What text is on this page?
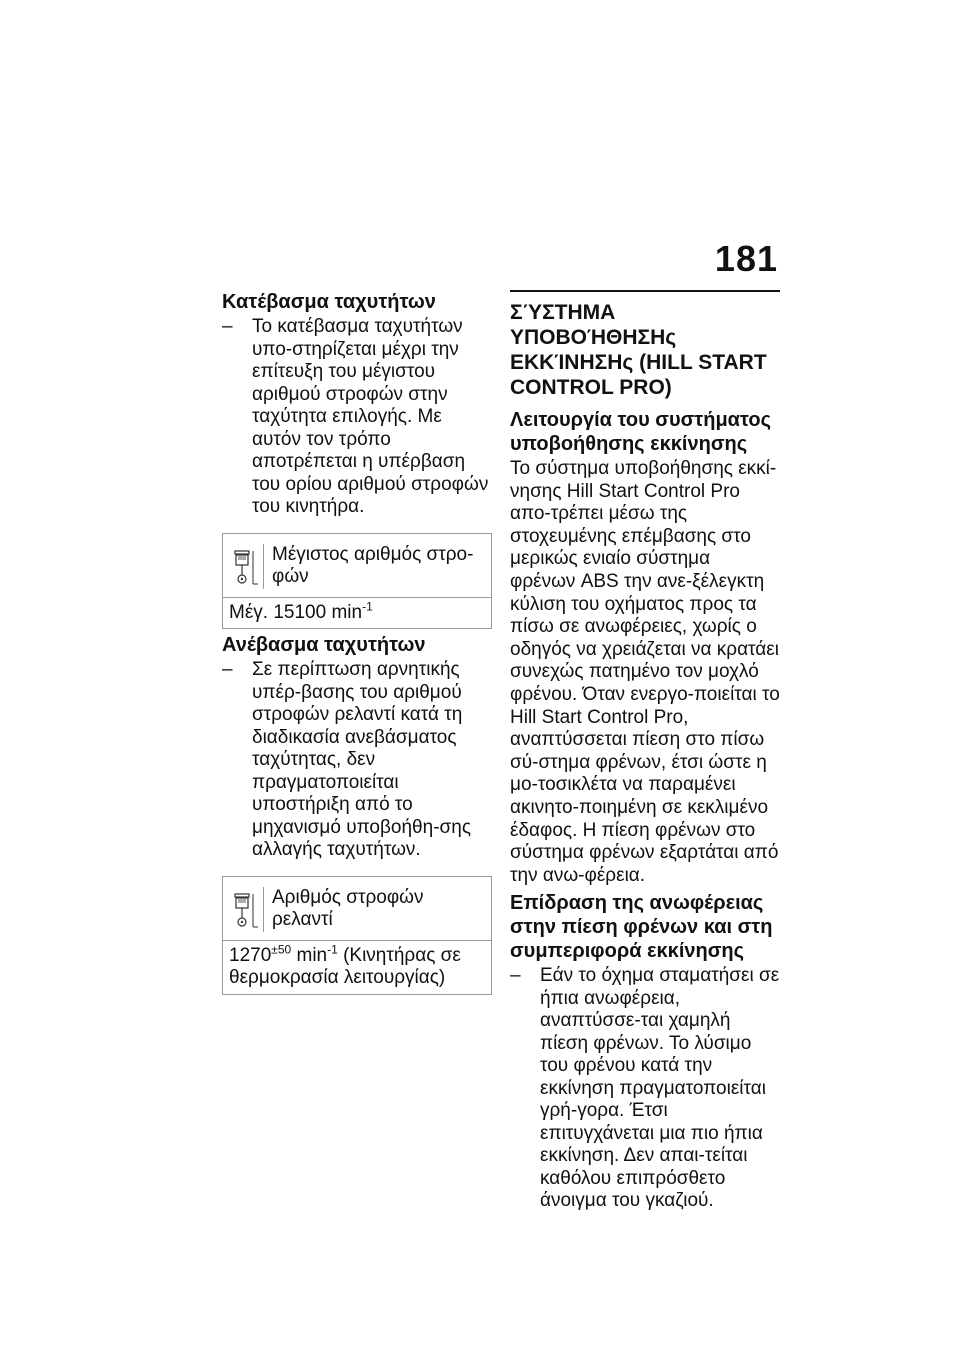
181
Κατέβασμα ταχυτήτων
– Το κατέβασμα ταχυτήτων υπο-στηρίζεται μέχρι την επίτευξη του μέγιστου αριθμού στροφών στην ταχύτητα επιλογής. Με αυτόν τον τρόπο αποτρέπεται η υπέρβαση του ορίου αριθμού στροφών του κινητήρα.
Μέγιστος αριθμός στρο-φών
Μέγ. 15100 $\min^{-1}$
Ανέβασμα ταχυτήτων
– Σε περίπτωση αρνητικής υπέρ-βασης του αριθμού στροφών ρελαντί κατά τη διαδικασία ανεβάσματος ταχύτητας, δεν πραγματοποιείται υποστήριξη από το μηχανισμό υποβοήθη-σης αλλαγής ταχυτήτων.
Αριθμός στροφών ρελαντί
$1270^{\pm 50}$ $\min^{-1} (K\iota\nu\eta\tau ή\rho\alpha\varsigma$ σε θερμοκρασία λειτουργίας)
ΣΎΣΤΗΜΑ ΥΠΟΒΟΉΘΗΣΗς ΕΚΚΊΝΗΣΗς (HILL START CONTROL PRO)
Λειτουργία του συστήματος υποβοήθησης εκκίνησης
Το σύστημα υποβοήθησης εκκί-νησης Hill Start Control Pro απο-τρέπει μέσω της στοχευμένης επέμβασης στο μερικώς ενιαίο σύστημα φρένων ABS την ανε-ξέλεγκτη κύλιση του οχήματος προς τα πίσω σε ανωφέρειες, χωρίς ο οδηγός να χρειάζεται να κρατάει συνεχώς πατημένο τον μοχλό φρένου. Όταν ενεργο-ποιείται το Hill Start Control Pro, αναπτύσσεται πίεση στο πίσω σύ-στημα φρένων, έτσι ώστε η μο-τοσικλέτα να παραμένει ακινητο-ποιημένη σε κεκλιμένο έδαφος. Η πίεση φρένων στο σύστημα φρένων εξαρτάται από την ανω-φέρεια.
Επίδραση της ανωφέρειας στην πίεση φρένων και στη συμπεριφορά εκκίνησης
– Εάν το όχημα σταματήσει σε ήπια ανωφέρεια, αναπτύσσε-ται χαμηλή πίεση φρένων. Το λύσιμο του φρένου κατά την εκκίνηση πραγματοποιείται γρή-γορα. Έτσι επιτυγχάνεται μια πιο ήπια εκκίνηση. Δεν απαι-τείται καθόλου επιπρόσθετο άνοιγμα του γκαζιού.
